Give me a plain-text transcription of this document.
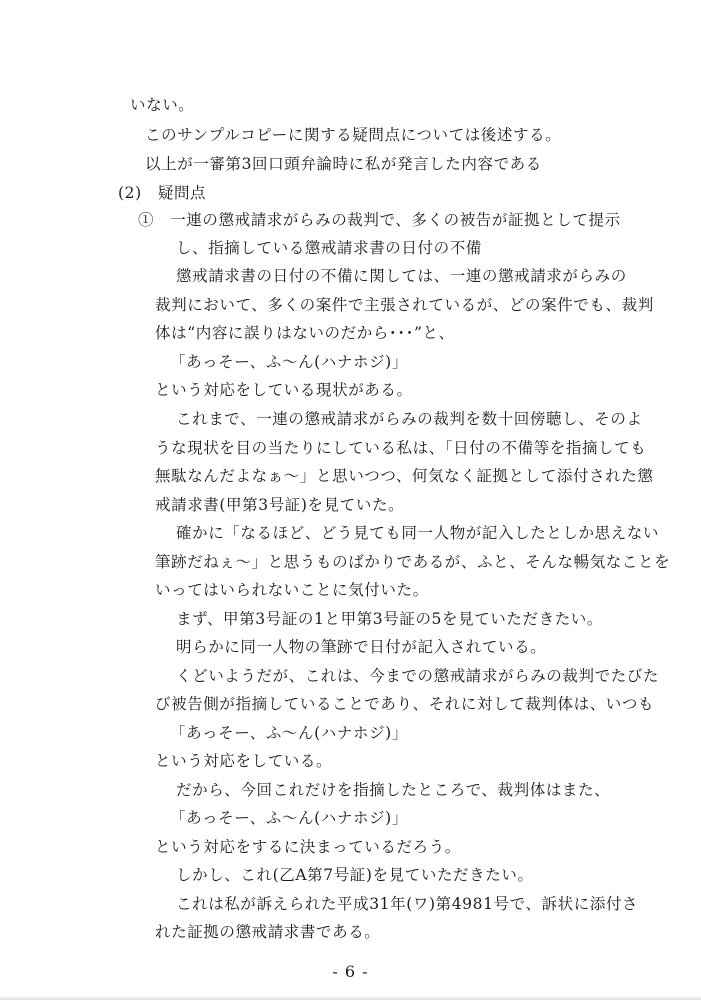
いない。
このサンプルコピーに関する疑問点については後述する。
以上が一審第3回口頭弁論時に私が発言した内容である
(2)　疑問点
①　一連の懲戒請求がらみの裁判で、多くの被告が証拠として提示
し、指摘している懲戒請求書の日付の不備
懲戒請求書の日付の不備に関しては、一連の懲戒請求がらみの
裁判において、多くの案件で主張されているが、どの案件でも、裁判
体は“内容に誤りはないのだから･･･”と、
「あっそー、ふ～ん(ハナホジ)」
という対応をしている現状がある。
これまで、一連の懲戒請求がらみの裁判を数十回傍聴し、そのよ
うな現状を目の当たりにしている私は、「日付の不備等を指摘しても
無駄なんだよなぁ～」と思いつつ、何気なく証拠として添付された懲
戒請求書(甲第3号証)を見ていた。
確かに「なるほど、どう見ても同一人物が記入したとしか思えない
筆跡だねぇ～」と思うものばかりであるが、ふと、そんな暢気なことを
いってはいられないことに気付いた。
まず、甲第3号証の1と甲第3号証の5を見ていただきたい。
明らかに同一人物の筆跡で日付が記入されている。
くどいようだが、これは、今までの懲戒請求がらみの裁判でたびた
び被告側が指摘していることであり、それに対して裁判体は、いつも
「あっそー、ふ～ん(ハナホジ)」
という対応をしている。
だから、今回これだけを指摘したところで、裁判体はまた、
「あっそー、ふ～ん(ハナホジ)」
という対応をするに決まっているだろう。
しかし、これ(乙A第7号証)を見ていただきたい。
これは私が訴えられた平成31年(ワ)第4981号で、訴状に添付さ
れた証拠の懲戒請求書である。
- 6 -
